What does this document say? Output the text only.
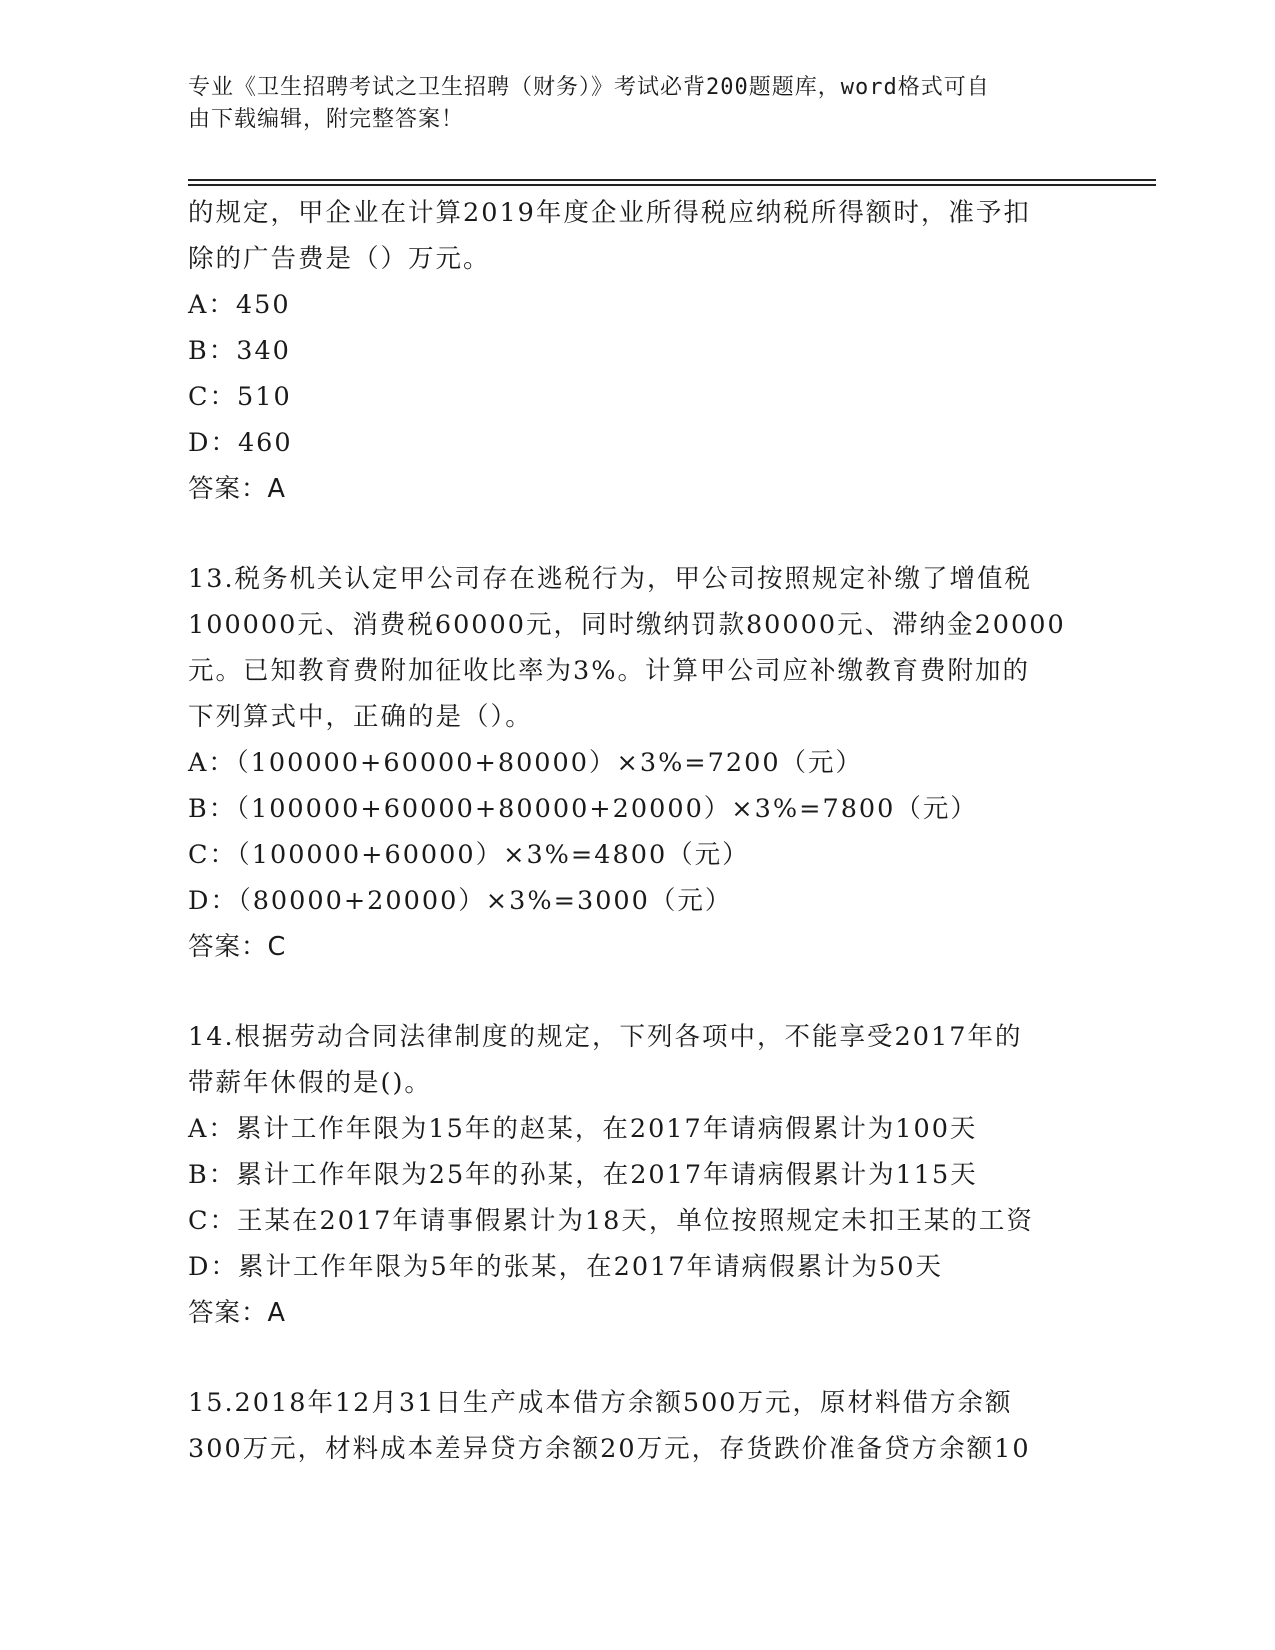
专业《卫生招聘考试之卫生招聘（财务）》考试必背200题题库，word格式可自
由下载编辑，附完整答案！
的规定，甲企业在计算2019年度企业所得税应纳税所得额时，准予扣
除的广告费是（）万元。
A：450
B：340
C：510
D：460
答案：A
13.税务机关认定甲公司存在逃税行为，甲公司按照规定补缴了增值税
100000元、消费税60000元，同时缴纳罚款80000元、滞纳金20000
元。已知教育费附加征收比率为3%。计算甲公司应补缴教育费附加的
下列算式中，正确的是（）。
A：（100000+60000+80000）×3%=7200（元）
B：（100000+60000+80000+20000）×3%=7800（元）
C：（100000+60000）×3%=4800（元）
D：（80000+20000）×3%=3000（元）
答案：C
14.根据劳动合同法律制度的规定，下列各项中，不能享受2017年的
带薪年休假的是()。
A：累计工作年限为15年的赵某，在2017年请病假累计为100天
B：累计工作年限为25年的孙某，在2017年请病假累计为115天
C：王某在2017年请事假累计为18天，单位按照规定未扣王某的工资
D：累计工作年限为5年的张某，在2017年请病假累计为50天
答案：A
15.2018年12月31日生产成本借方余额500万元，原材料借方余额
300万元，材料成本差异贷方余额20万元，存货跌价准备贷方余额10
